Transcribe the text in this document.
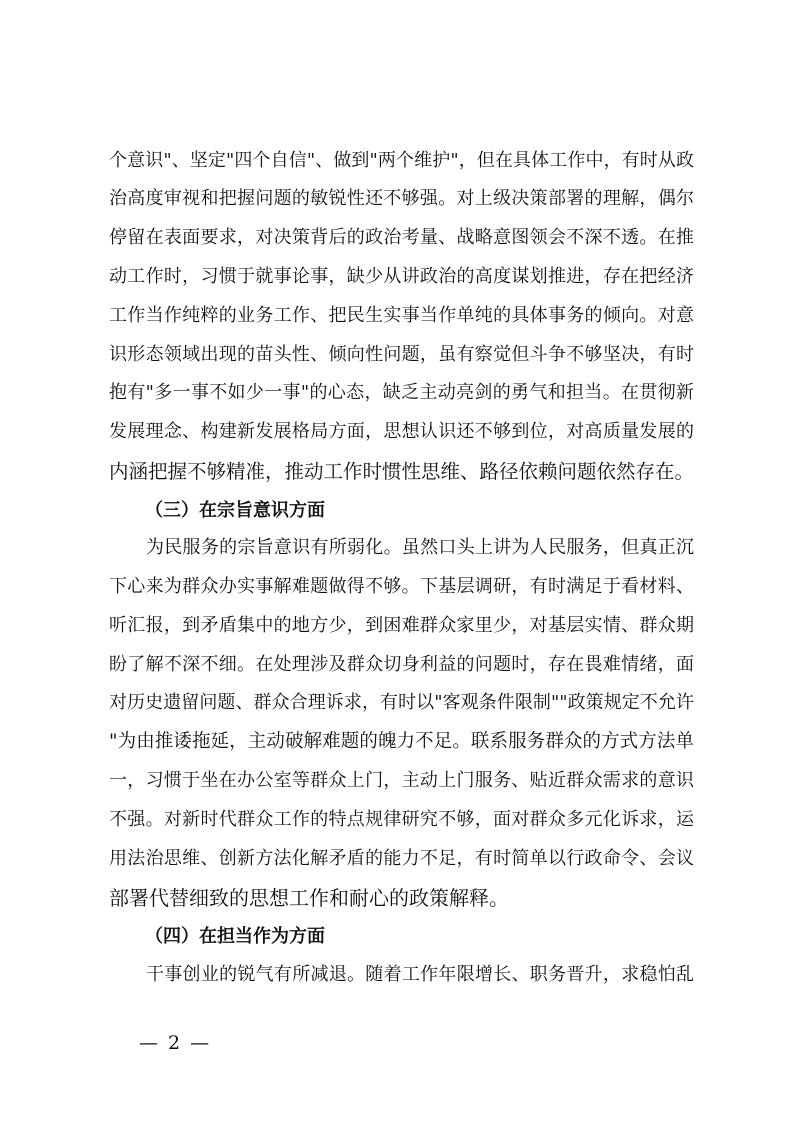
个意识"、坚定"四个自信"、做到"两个维护"，但在具体工作中，有时从政
治高度审视和把握问题的敏锐性还不够强。对上级决策部署的理解，偶尔
停留在表面要求，对决策背后的政治考量、战略意图领会不深不透。在推
动工作时，习惯于就事论事，缺少从讲政治的高度谋划推进，存在把经济
工作当作纯粹的业务工作、把民生实事当作单纯的具体事务的倾向。对意
识形态领域出现的苗头性、倾向性问题，虽有察觉但斗争不够坚决，有时
抱有"多一事不如少一事"的心态，缺乏主动亮剑的勇气和担当。在贯彻新
发展理念、构建新发展格局方面，思想认识还不够到位，对高质量发展的
内涵把握不够精准，推动工作时惯性思维、路径依赖问题依然存在。
（三）在宗旨意识方面
为民服务的宗旨意识有所弱化。虽然口头上讲为人民服务，但真正沉
下心来为群众办实事解难题做得不够。下基层调研，有时满足于看材料、
听汇报，到矛盾集中的地方少，到困难群众家里少，对基层实情、群众期
盼了解不深不细。在处理涉及群众切身利益的问题时，存在畏难情绪，面
对历史遗留问题、群众合理诉求，有时以"客观条件限制""政策规定不允许
"为由推诿拖延，主动破解难题的魄力不足。联系服务群众的方式方法单
一，习惯于坐在办公室等群众上门，主动上门服务、贴近群众需求的意识
不强。对新时代群众工作的特点规律研究不够，面对群众多元化诉求，运
用法治思维、创新方法化解矛盾的能力不足，有时简单以行政命令、会议
部署代替细致的思想工作和耐心的政策解释。
（四）在担当作为方面
干事创业的锐气有所减退。随着工作年限增长、职务晋升，求稳怕乱
— 2 —
